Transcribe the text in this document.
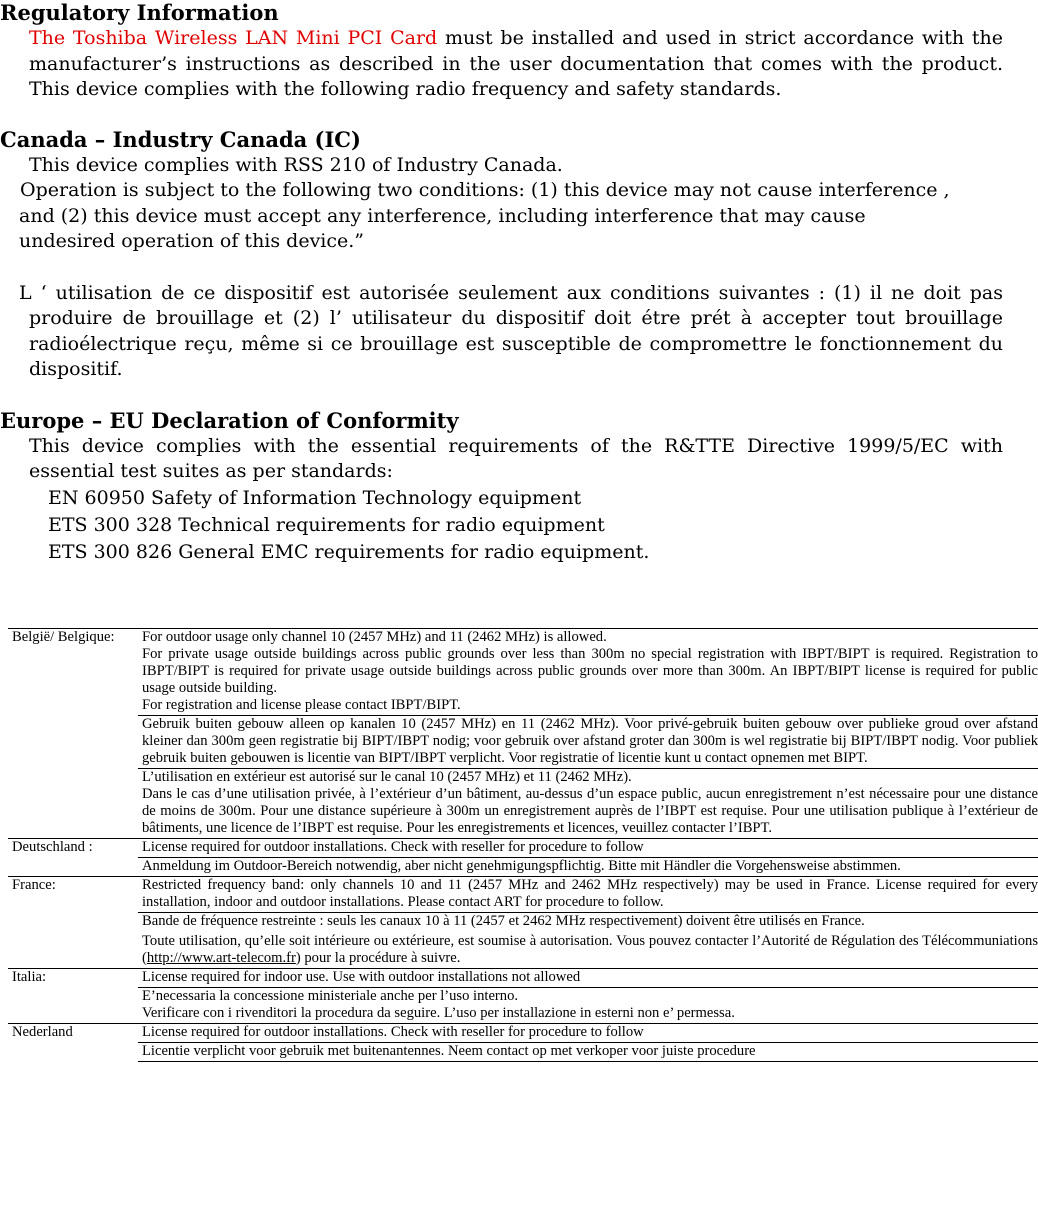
Regulatory Information

The Toshiba Wireless LAN Mini PCI Card must be installed and used in strict accordance with the manufacturer’s instructions as described in the user documentation that comes with the product. This device complies with the following radio frequency and safety standards.

Canada – Industry Canada (IC)

This device complies with RSS 210 of Industry Canada.

Operation is subject to the following two conditions: (1) this device may not cause interference ,

and (2) this device must accept any interference, including interference that may cause

undesired operation of this device.”

L ‘ utilisation de ce dispositif est autorisée seulement aux conditions suivantes : (1) il ne doit pas produire de brouillage et (2) l’ utilisateur du dispositif doit étre prét à accepter tout brouillage radioélectrique reçu, même si ce brouillage est susceptible de compromettre le fonctionnement du dispositif.

Europe – EU Declaration of Conformity

This device complies with the essential requirements of the R&TTE Directive 1999/5/EC with essential test suites as per standards:

EN 60950 Safety of Information Technology equipment
ETS 300 328 Technical requirements for radio equipment
ETS 300 826 General EMC requirements for radio equipment.
België/ Belgique:	For outdoor usage only channel 10 (2457 MHz) and 11 (2462 MHz) is allowed.

For private usage outside buildings across public grounds over less than 300m no special registration with IBPT/BIPT is required. Registration to IBPT/BIPT is required for private usage outside buildings across public grounds over more than 300m. An IBPT/BIPT license is required for public usage outside building.

For registration and license please contact IBPT/BIPT.

	Gebruik buiten gebouw alleen op kanalen 10 (2457 MHz) en 11 (2462 MHz). Voor privé-gebruik buiten gebouw over publieke groud over afstand kleiner dan 300m geen registratie bij BIPT/IBPT nodig; voor gebruik over afstand groter dan 300m is wel registratie bij BIPT/IBPT nodig. Voor publiek gebruik buiten gebouwen is licentie van BIPT/IBPT verplicht. Voor registratie of licentie kunt u contact opnemen met BIPT.

	L’utilisation en extérieur est autorisé sur le canal 10 (2457 MHz) et 11 (2462 MHz).

Dans le cas d’une utilisation privée, à l’extérieur d’un bâtiment, au-dessus d’un espace public, aucun enregistrement n’est nécessaire pour une distance de moins de 300m. Pour une distance supérieure à 300m un enregistrement auprès de l’IBPT est requise. Pour une utilisation publique à l’extérieur de bâtiments, une licence de l’IBPT est requise. Pour les enregistrements et licences, veuillez contacter l’IBPT.

Deutschland :	License required for outdoor installations. Check with reseller for procedure to follow

	Anmeldung im Outdoor-Bereich notwendig, aber nicht genehmigungspflichtig. Bitte mit Händler die Vorgehensweise abstimmen.

France:	Restricted frequency band: only channels 10 and 11 (2457 MHz and 2462 MHz respectively) may be used in France. License required for every installation, indoor and outdoor installations. Please contact ART for procedure to follow.

	Bande de fréquence restreinte : seuls les canaux 10 à 11 (2457 et 2462 MHz respectivement) doivent être utilisés en France.

Toute utilisation, qu’elle soit intérieure ou extérieure, est soumise à autorisation. Vous pouvez contacter l’Autorité de Régulation des Télécommuniations (http://www.art-telecom.fr) pour la procédure à suivre.

Italia:	License required for indoor use. Use with outdoor installations not allowed

	E’necessaria la concessione ministeriale anche per l’uso interno.

Verificare con i rivenditori la procedura da seguire. L’uso per installazione in esterni non e’ permessa.

Nederland	License required for outdoor installations. Check with reseller for procedure to follow

	Licentie verplicht voor gebruik met buitenantennes. Neem contact op met verkoper voor juiste procedure
